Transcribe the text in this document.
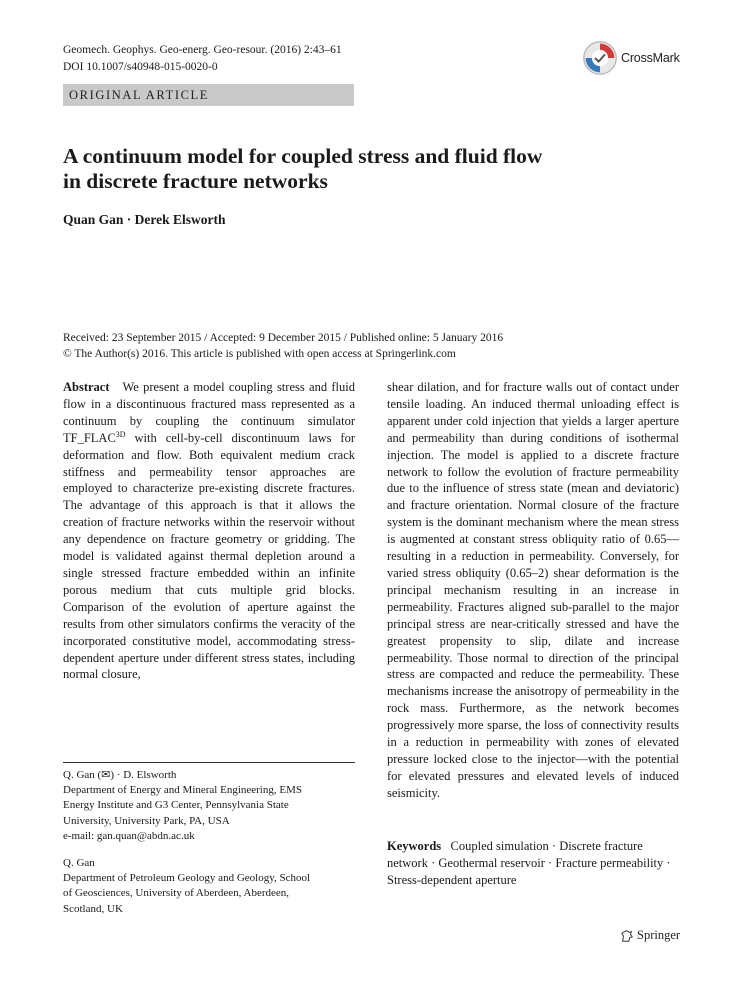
Geomech. Geophys. Geo-energ. Geo-resour. (2016) 2:43–61
DOI 10.1007/s40948-015-0020-0
CrossMark
ORIGINAL ARTICLE
A continuum model for coupled stress and fluid flow
in discrete fracture networks
Quan Gan · Derek Elsworth
Received: 23 September 2015 / Accepted: 9 December 2015 / Published online: 5 January 2016
© The Author(s) 2016. This article is published with open access at Springerlink.com

Abstract We present a model coupling stress and fluid flow in a discontinuous fractured mass represented as a continuum by coupling the continuum simulator $TF\_FLAC^{3D}$ with cell-by-cell discontinuum laws for deformation and flow. Both equivalent medium crack stiffness and permeability tensor approaches are employed to characterize pre-existing discrete fractures. The advantage of this approach is that it allows the creation of fracture networks within the reservoir without any dependence on fracture geometry or gridding. The model is validated against thermal depletion around a single stressed fracture embedded within an infinite porous medium that cuts multiple grid blocks. Comparison of the evolution of aperture against the results from other simulators confirms the veracity of the incorporated constitutive model, accommodating stress-dependent aperture under different stress states, including normal closure,

shear dilation, and for fracture walls out of contact under tensile loading. An induced thermal unloading effect is apparent under cold injection that yields a larger aperture and permeability than during conditions of isothermal injection. The model is applied to a discrete fracture network to follow the evolution of fracture permeability due to the influence of stress state (mean and deviatoric) and fracture orientation. Normal closure of the fracture system is the dominant mechanism where the mean stress is augmented at constant stress obliquity ratio of 0.65—resulting in a reduction in permeability. Conversely, for varied stress obliquity (0.65–2) shear deformation is the principal mechanism resulting in an increase in permeability. Fractures aligned sub-parallel to the major principal stress are near-critically stressed and have the greatest propensity to slip, dilate and increase permeability. Those normal to direction of the principal stress are compacted and reduce the permeability. These mechanisms increase the anisotropy of permeability in the rock mass. Furthermore, as the network becomes progressively more sparse, the loss of connectivity results in a reduction in permeability with zones of elevated pressure locked close to the injector—with the potential for elevated pressures and elevated levels of induced seismicity.

Keywords Coupled simulation · Discrete fracture network · Geothermal reservoir · Fracture permeability · Stress-dependent aperture

Q. Gan (✉) · D. Elsworth

Department of Energy and Mineral Engineering, EMS

Energy Institute and G3 Center, Pennsylvania State

University, University Park, PA, USA

e-mail: gan.quan@abdn.ac.uk

Q. Gan

Department of Petroleum Geology and Geology, School

of Geosciences, University of Aberdeen, Aberdeen,

Scotland, UK

Springer
